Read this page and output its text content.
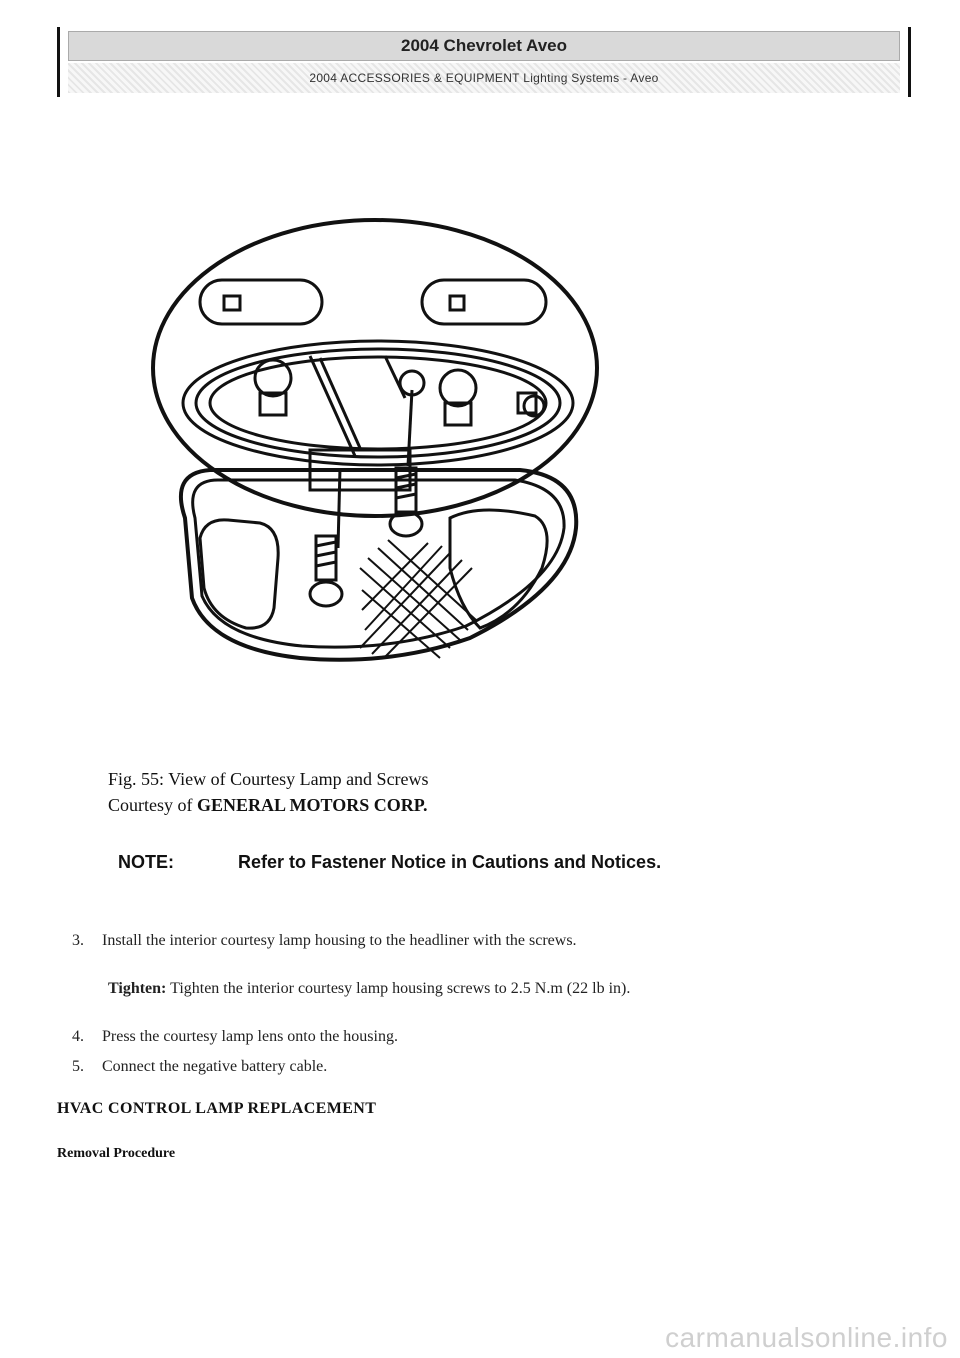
2004 Chevrolet Aveo
2004 ACCESSORIES & EQUIPMENT Lighting Systems - Aveo
Fig. 55: View of Courtesy Lamp and Screws
Courtesy of GENERAL MOTORS CORP.
NOTE:	Refer to Fastener Notice in Cautions and Notices.
3.	Install the interior courtesy lamp housing to the headliner with the screws.
Tighten: Tighten the interior courtesy lamp housing screws to 2.5 N.m (22 lb in).
4.	Press the courtesy lamp lens onto the housing.
5.	Connect the negative battery cable.
HVAC CONTROL LAMP REPLACEMENT
Removal Procedure
carmanualsonline.info
